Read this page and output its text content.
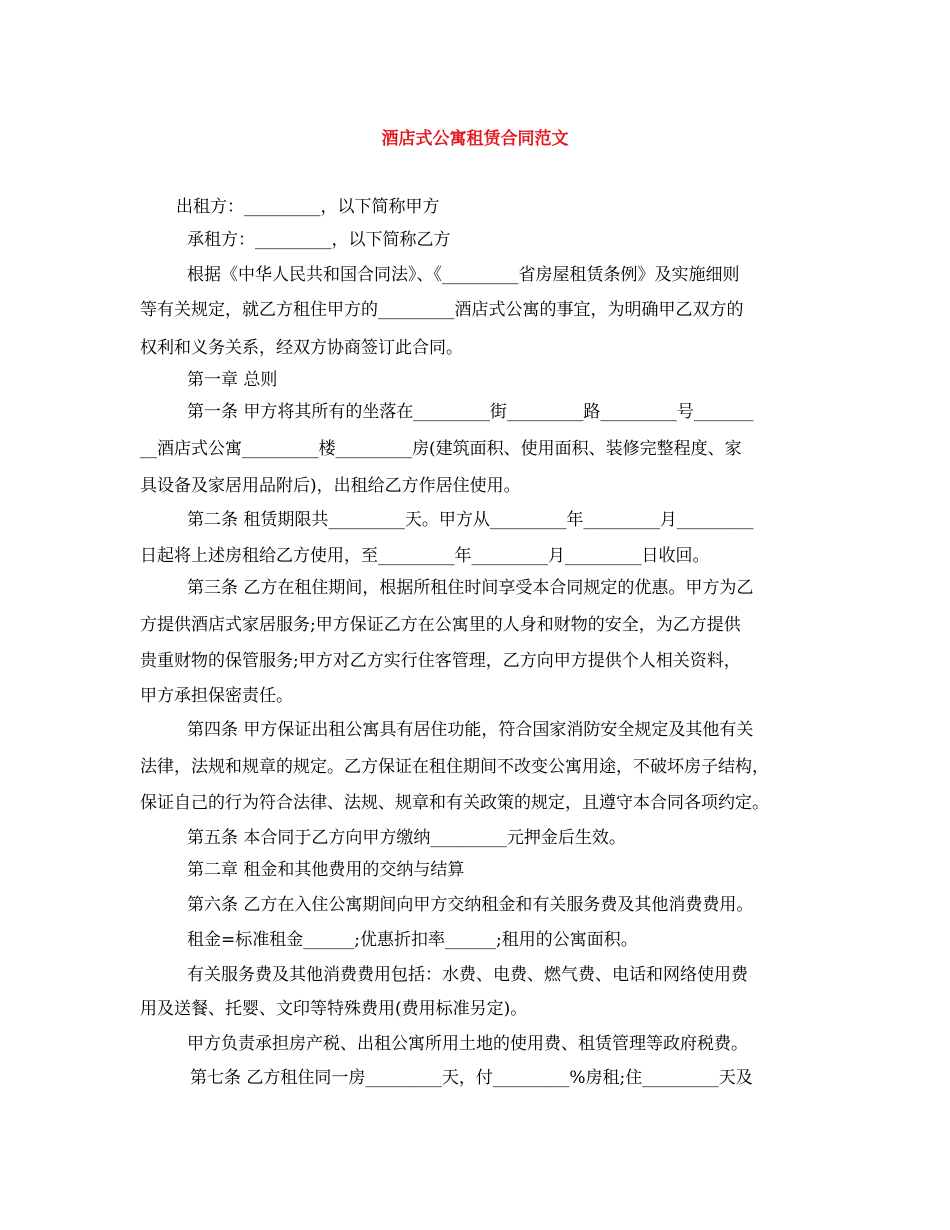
酒店式公寓租赁合同范文
出租方：_________，以下简称甲方
承租方：_________，以下简称乙方
根据《中华人民共和国合同法》、《_________省房屋租赁条例》及实施细则
等有关规定，就乙方租住甲方的_________酒店式公寓的事宜，为明确甲乙双方的
权利和义务关系，经双方协商签订此合同。
第一章 总则
第一条 甲方将其所有的坐落在_________街_________路_________号_______
__酒店式公寓_________楼_________房(建筑面积、使用面积、装修完整程度、家
具设备及家居用品附后)，出租给乙方作居住使用。
第二条 租赁期限共_________天。甲方从_________年_________月_________
日起将上述房租给乙方使用，至_________年_________月_________日收回。
第三条 乙方在租住期间，根据所租住时间享受本合同规定的优惠。甲方为乙
方提供酒店式家居服务;甲方保证乙方在公寓里的人身和财物的安全，为乙方提供
贵重财物的保管服务;甲方对乙方实行住客管理，乙方向甲方提供个人相关资料，
甲方承担保密责任。
第四条 甲方保证出租公寓具有居住功能，符合国家消防安全规定及其他有关
法律，法规和规章的规定。乙方保证在租住期间不改变公寓用途，不破坏房子结构，
保证自己的行为符合法律、法规、规章和有关政策的规定，且遵守本合同各项约定。
第五条 本合同于乙方向甲方缴纳_________元押金后生效。
第二章 租金和其他费用的交纳与结算
第六条 乙方在入住公寓期间向甲方交纳租金和有关服务费及其他消费费用。
租金=标准租金______;优惠折扣率______;租用的公寓面积。
有关服务费及其他消费费用包括：水费、电费、燃气费、电话和网络使用费
用及送餐、托婴、文印等特殊费用(费用标准另定)。
甲方负责承担房产税、出租公寓所用土地的使用费、租赁管理等政府税费。
第七条 乙方租住同一房_________天，付_________%房租;住_________天及
